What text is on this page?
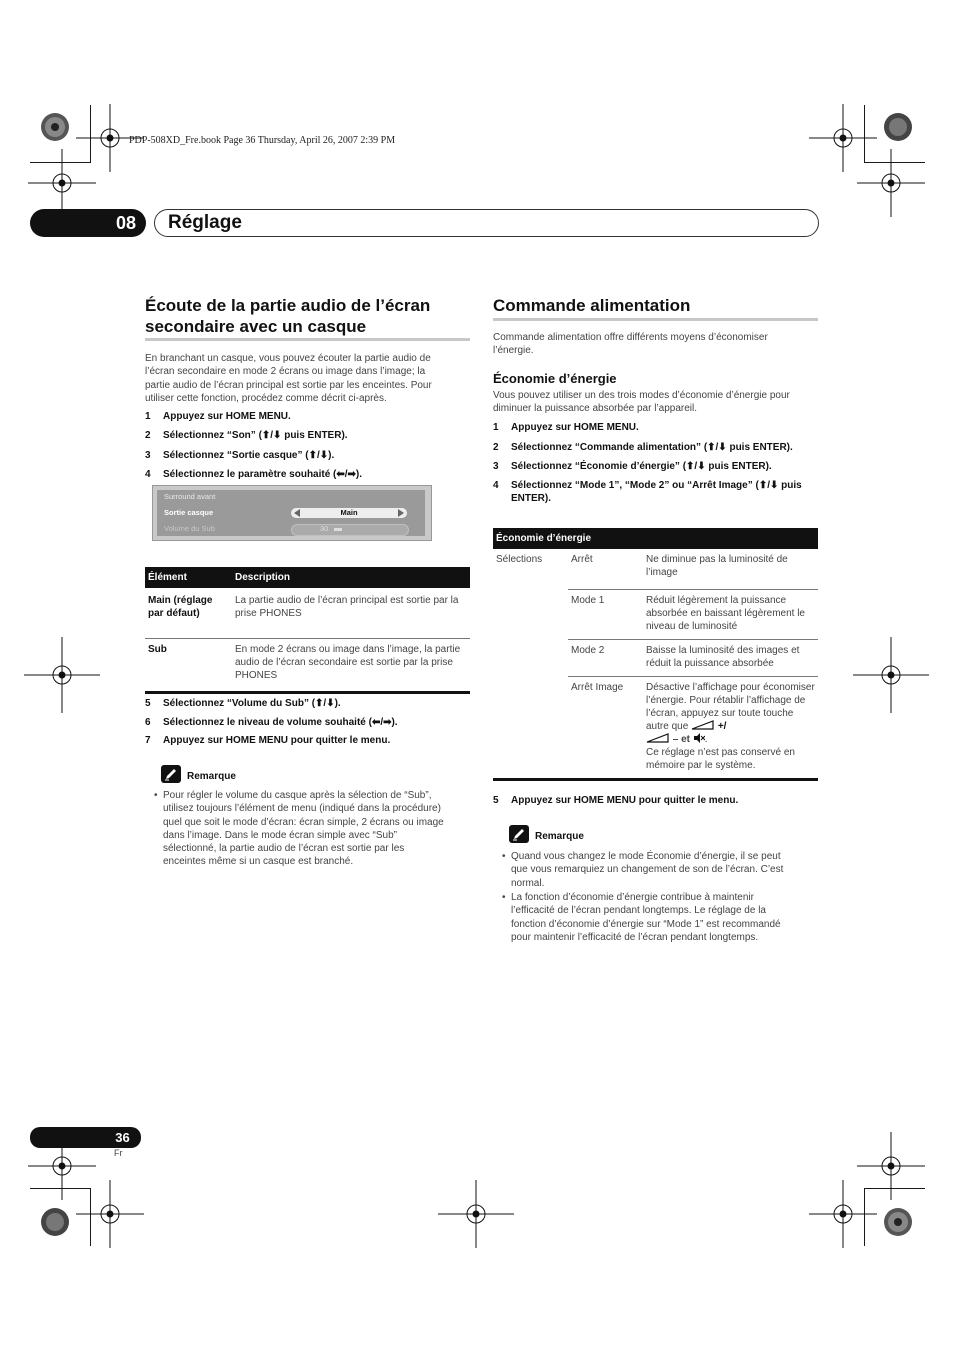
PDP-508XD_Fre.book Page 36 Thursday, April 26, 2007 2:39 PM
08	Réglage
Écoute de la partie audio de l’écran
secondaire avec un casque
En branchant un casque, vous pouvez écouter la partie audio de
l’écran secondaire en mode 2 écrans ou image dans l’image; la
partie audio de l’écran principal est sortie par les enceintes. Pour
utiliser cette fonction, procédez comme décrit ci-après.
1 Appuyez sur HOME MENU.
2 Sélectionnez “Son” (⬆/⬇ puis ENTER).
3 Sélectionnez “Sortie casque” (⬆/⬇).
4 Sélectionnez le paramètre souhaité (⬅/➡).
Surround avant
Sortie casque	Main
Volume du Sub	30
Élément	Description
Main (réglage par défaut)	La partie audio de l’écran principal est sortie par la prise PHONES
Sub	En mode 2 écrans ou image dans l’image, la partie audio de l’écran secondaire est sortie par la prise PHONES
5 Sélectionnez “Volume du Sub” (⬆/⬇).
6 Sélectionnez le niveau de volume souhaité (⬅/➡).
7 Appuyez sur HOME MENU pour quitter le menu.
Remarque
• Pour régler le volume du casque après la sélection de “Sub”,
utilisez toujours l’élément de menu (indiqué dans la procédure)
quel que soit le mode d’écran: écran simple, 2 écrans ou image
dans l’image. Dans le mode écran simple avec “Sub”
sélectionné, la partie audio de l’écran est sortie par les
enceintes même si un casque est branché.
Commande alimentation
Commande alimentation offre différents moyens d’économiser
l’énergie.
Économie d’énergie
Vous pouvez utiliser un des trois modes d’économie d’énergie pour
diminuer la puissance absorbée par l’appareil.
1 Appuyez sur HOME MENU.
2 Sélectionnez “Commande alimentation” (⬆/⬇ puis ENTER).
3 Sélectionnez “Économie d’énergie” (⬆/⬇ puis ENTER).
4 Sélectionnez “Mode 1”, “Mode 2” ou “Arrêt Image” (⬆/⬇ puis
ENTER).
Économie d’énergie		
Sélections	Arrêt	Ne diminue pas la luminosité de l’image
	Mode 1	Réduit légèrement la puissance absorbée en baissant légèrement le niveau de luminosité
	Mode 2	Baisse la luminosité des images et réduit la puissance absorbée
	Arrêt Image	Désactive l’affichage pour économiser l’énergie. Pour rétablir l’affichage de l’écran, appuyez sur toute touche autre que +/
– et .
Ce réglage n’est pas conservé en mémoire par le système.
5 Appuyez sur HOME MENU pour quitter le menu.
Remarque
• Quand vous changez le mode Économie d’énergie, il se peut
que vous remarquiez un changement de son de l’écran. C’est
normal.
• La fonction d’économie d’énergie contribue à maintenir
l’efficacité de l’écran pendant longtemps. Le réglage de la
fonction d’économie d’énergie sur “Mode 1” est recommandé
pour maintenir l’efficacité de l’écran pendant longtemps.
36
Fr
